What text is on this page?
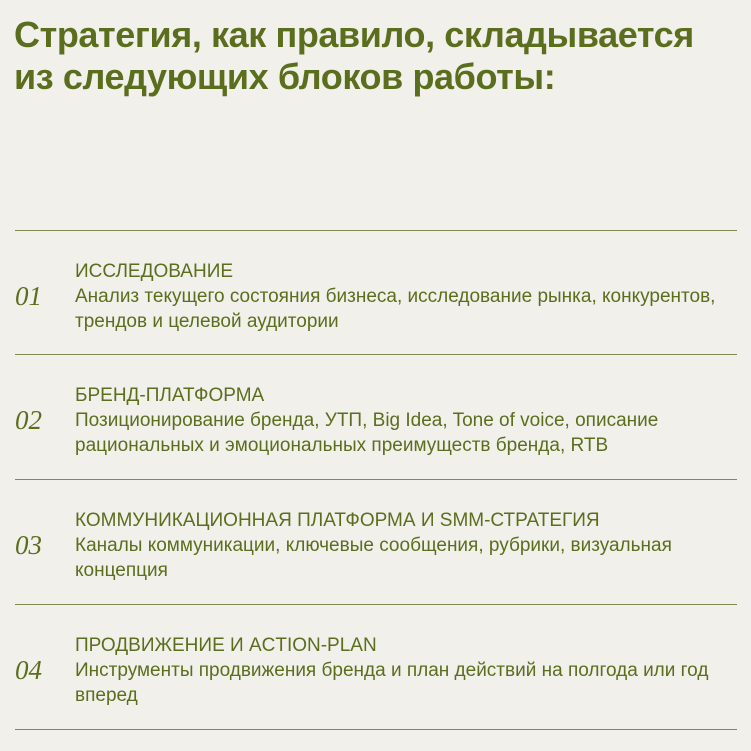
Стратегия, как правило, складывается
из следующих блоков работы:
01
ИССЛЕДОВАНИЕ
Анализ текущего состояния бизнеса, исследование рынка, конкурентов, трендов и целевой аудитории
02
БРЕНД-ПЛАТФОРМА
Позиционирование бренда, УТП, Big Idea, Tone of voice, описание рациональных и эмоциональных преимуществ бренда, RTB
03
КОММУНИКАЦИОННАЯ ПЛАТФОРМА И SMM-СТРАТЕГИЯ
Каналы коммуникации, ключевые сообщения, рубрики, визуальная концепция
04
ПРОДВИЖЕНИЕ И ACTION-PLAN
Инструменты продвижения бренда и план действий на полгода или год вперед
